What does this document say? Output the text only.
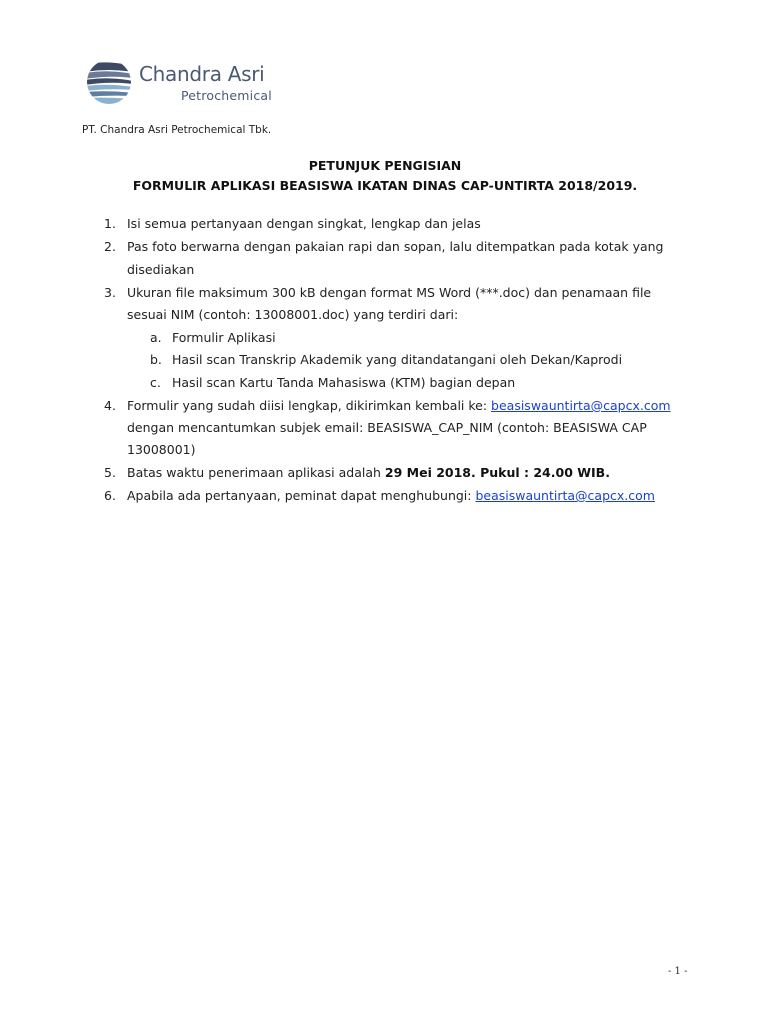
Chandra Asri
Petrochemical
PT. Chandra Asri Petrochemical Tbk.
PETUNJUK PENGISIAN
FORMULIR APLIKASI BEASISWA IKATAN DINAS CAP-UNTIRTA 2018/2019.
1. Isi semua pertanyaan dengan singkat, lengkap dan jelas
2. Pas foto berwarna dengan pakaian rapi dan sopan, lalu ditempatkan pada kotak yang
disediakan
3. Ukuran file maksimum 300 kB dengan format MS Word (***.doc) dan penamaan file
sesuai NIM (contoh: 13008001.doc) yang terdiri dari:
a. Formulir Aplikasi
b. Hasil scan Transkrip Akademik yang ditandatangani oleh Dekan/Kaprodi
c. Hasil scan Kartu Tanda Mahasiswa (KTM) bagian depan
4. Formulir yang sudah diisi lengkap, dikirimkan kembali ke: beasiswauntirta@capcx.com
dengan mencantumkan subjek email: BEASISWA_CAP_NIM (contoh: BEASISWA CAP
13008001)
5. Batas waktu penerimaan aplikasi adalah 29 Mei 2018. Pukul : 24.00 WIB.
6. Apabila ada pertanyaan, peminat dapat menghubungi: beasiswauntirta@capcx.com
- 1 -
